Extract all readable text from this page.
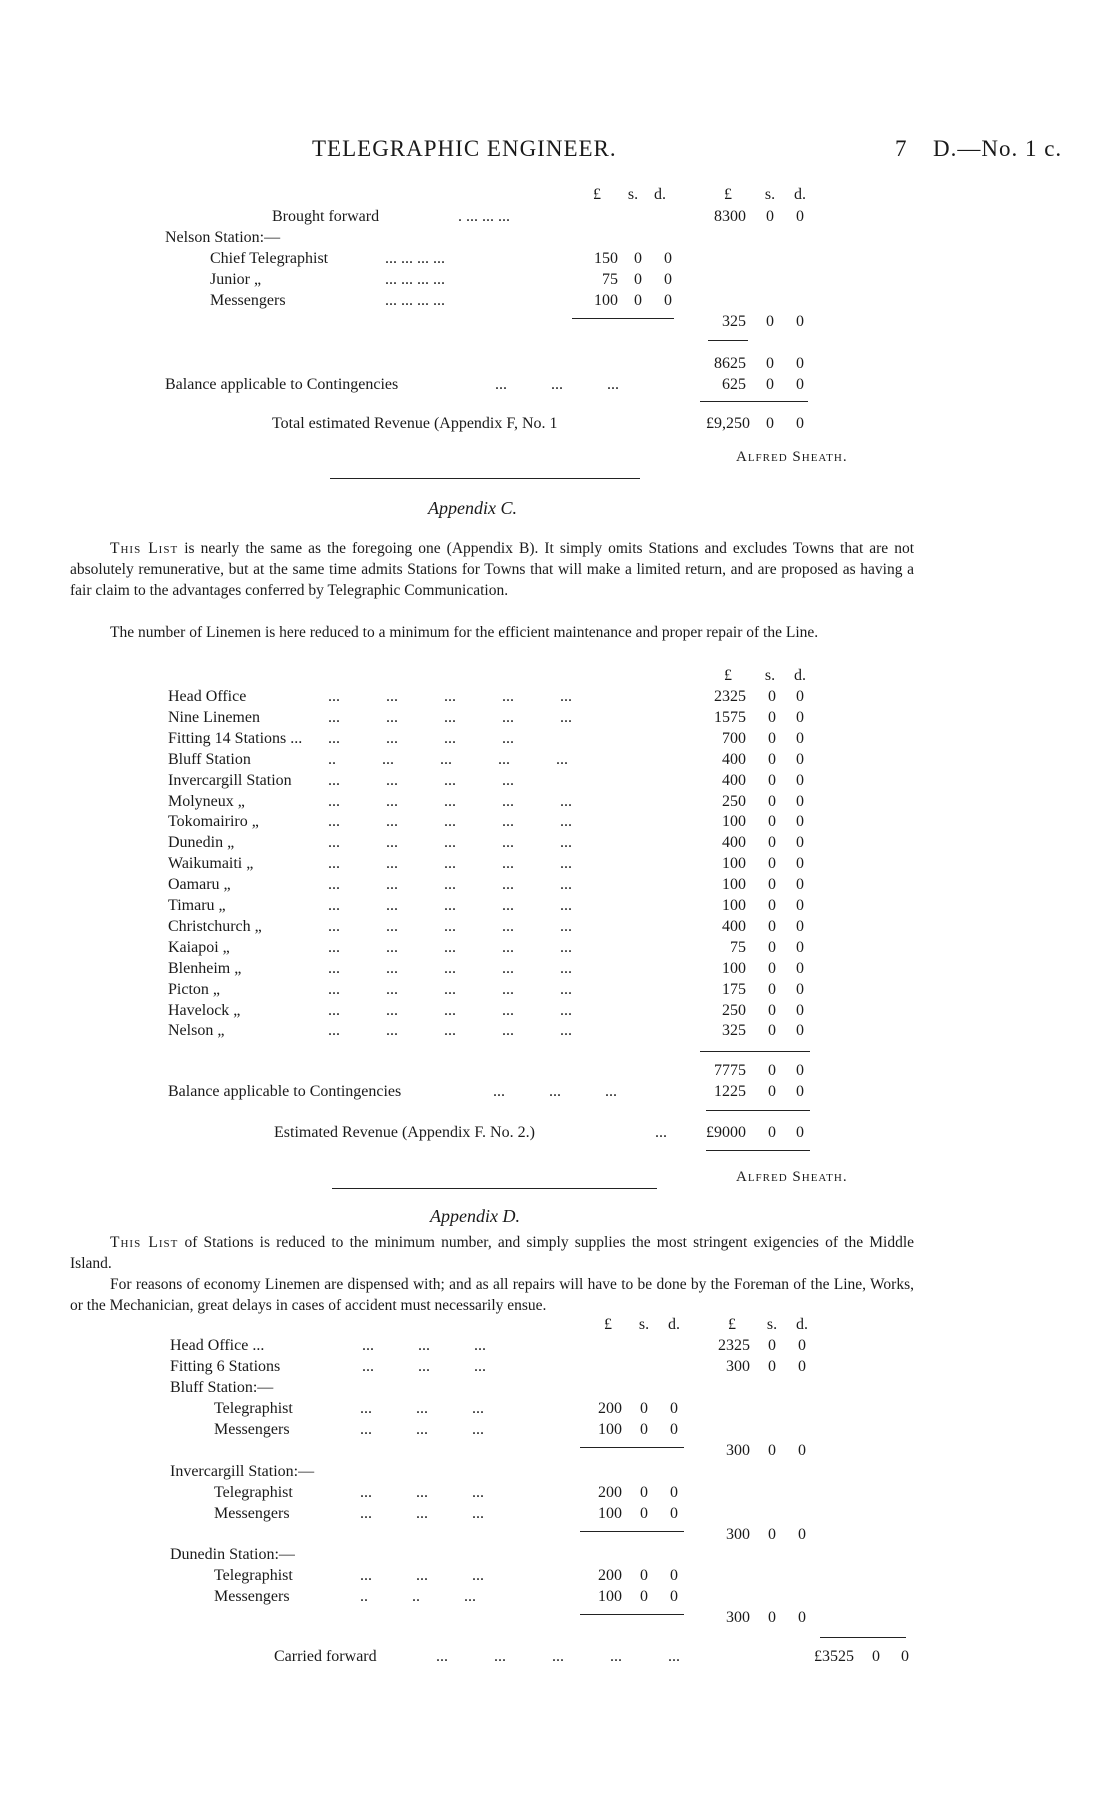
TELEGRAPHIC ENGINEER.	7 D.—No. 1 c.
£	s. d.	£	s.	d.
Brought forward	. ... ... ...	8300 0 0
Nelson Station:—
Chief Telegraphist	... ... ... ...	150 0 0
Junior „	... ... ... ...	75 0 0
Messengers	... ... ... ...	100 0 0
325 0 0
8625 0 0
Balance applicable to Contingencies	... ... ...	625 0 0
Total estimated Revenue (Appendix F, No. 1	£9,250 0 0
Alfred Sheath.
Appendix C.
This List is nearly the same as the foregoing one (Appendix B). It simply omits Stations and excludes Towns that are not absolutely remunerative, but at the same time admits Stations for Towns that will make a limited return, and are proposed as having a fair claim to the advantages conferred by Telegraphic Communication.
The number of Linemen is here reduced to a minimum for the efficient maintenance and proper repair of the Line.
£	s.	d.
Head Office	... ... ... ... ...	2325 0 0
Nine Linemen	... ... ... ... ...	1575 0 0
Fitting 14 Stations ... ... ... ... ...	700 0 0
Bluff Station	.. ... ... ... ...	400 0 0
Invercargill Station ... ... ... ...	400 0 0
Molyneux „	... ... ... ... ...	250 0 0
Tokomairiro „	... ... ... ... ...	100 0 0
Dunedin „	... ... ... ... ...	400 0 0
Waikumaiti „	... ... ... ... ...	100 0 0
Oamaru „	... ... ... ... ...	100 0 0
Timaru „	... ... ... ... ...	100 0 0
Christchurch „	... ... ... ... ...	400 0 0
Kaiapoi „	... ... ... ... ...	75 0 0
Blenheim „	... ... ... ... ...	100 0 0
Picton „	... ... ... ... ...	175 0 0
Havelock „	... ... ... ... ...	250 0 0
Nelson „	... ... ... ... ...	325 0 0
7775 0 0
Balance applicable to Contingencies	... ... ...	1225 0 0
Estimated Revenue (Appendix F. No. 2.)	...	£9000 0 0
Alfred Sheath.
Appendix D.
This List of Stations is reduced to the minimum number, and simply supplies the most stringent exigencies of the Middle Island.
For reasons of economy Linemen are dispensed with; and as all repairs will have to be done by the Foreman of the Line, Works, or the Mechanician, great delays in cases of accident must necessarily ensue.
£	s.	d.	£	s.	d.
Head Office ...	... ... ...	2325 0 0
Fitting 6 Stations	... ... ...	300 0 0
Bluff Station:—
Telegraphist	... ... ...	200 0 0
Messengers	... ... ...	100 0 0
300 0 0
Invercargill Station:—
Telegraphist	... ... ...	200 0 0
Messengers	... ... ...	100 0 0
300 0 0
Dunedin Station:—
Telegraphist	... ... ...	200 0 0
Messengers	.. .. ...	100 0 0
300 0 0
Carried forward	... ... ... ... ...	£3525 0 0
